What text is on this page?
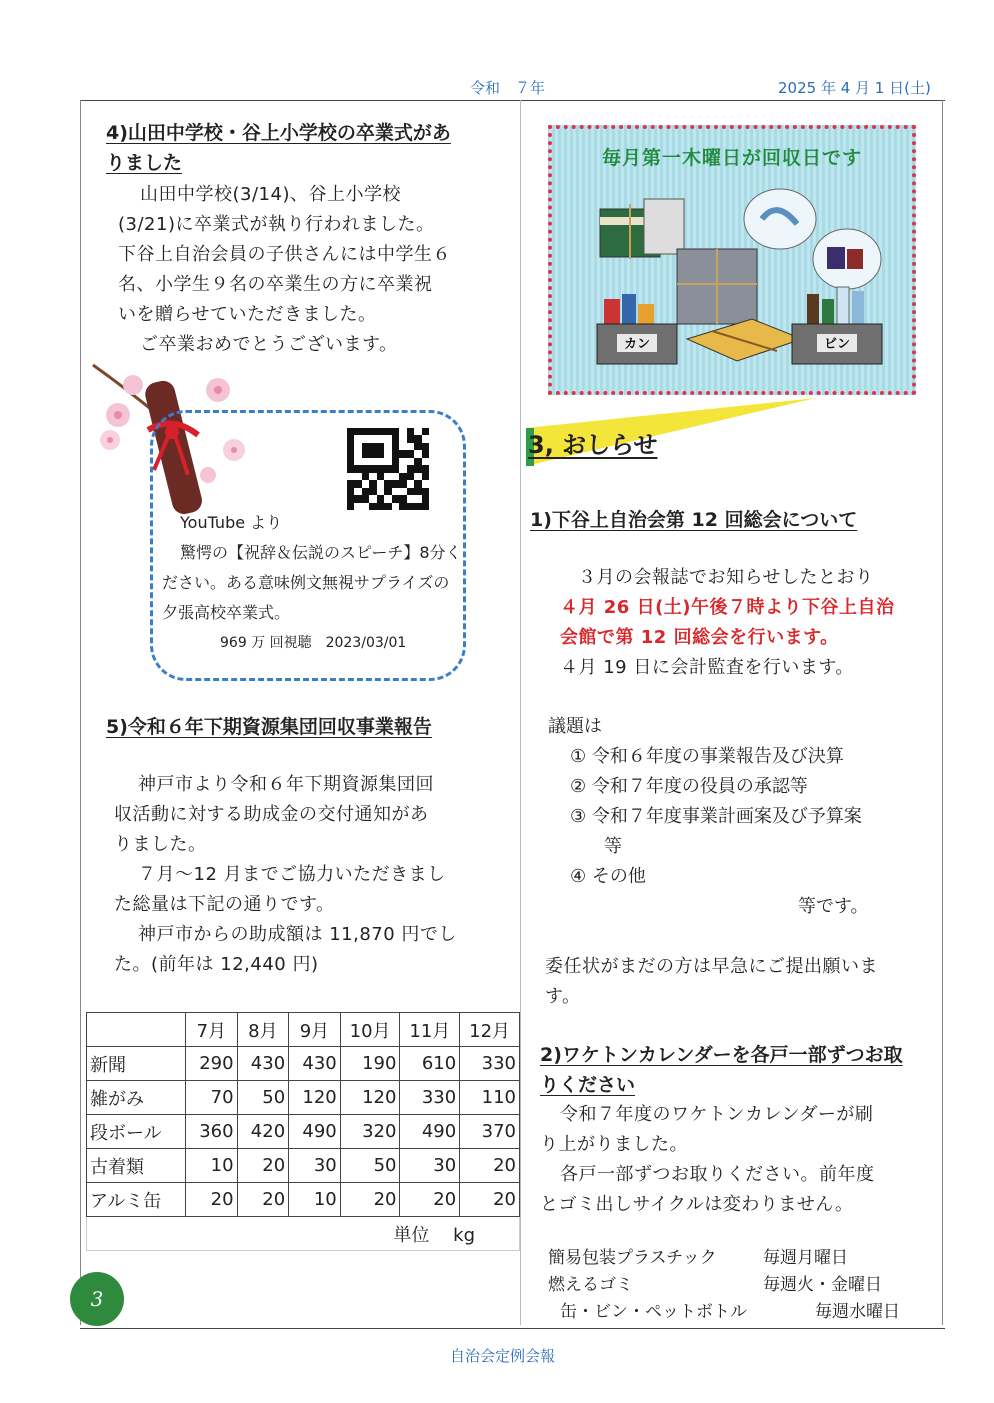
令和　７年	2025 年 4 月 1 日(土)
4)山田中学校・谷上小学校の卒業式があ
りました
山田中学校(3/14)、谷上小学校
(3/21)に卒業式が執り行われました。
下谷上自治会員の子供さんには中学生６
名、小学生９名の卒業生の方に卒業祝
いを贈らせていただきました。
ご卒業おめでとうございます。
YouTube より
驚愕の【祝辞＆伝説のスピーチ】8分く
ださい。ある意味例文無視サプライズの
夕張高校卒業式。
969 万 回視聴　2023/03/01
毎月第一木曜日が回収日です
カン	ビン
3, おしらせ
1)下谷上自治会第 12 回総会について
３月の会報誌でお知らせしたとおり
４月 26 日(土)午後７時より下谷上自治
会館で第 12 回総会を行います。
４月 19 日に会計監査を行います。
議題は
① 令和６年度の事業報告及び決算
② 令和７年度の役員の承認等
③ 令和７年度事業計画案及び予算案
等
④ その他
等です。
委任状がまだの方は早急にご提出願いま
す。
2)ワケトンカレンダーを各戸一部ずつお取
りください
令和７年度のワケトンカレンダーが刷
り上がりました。
各戸一部ずつお取りください。前年度
とゴミ出しサイクルは変わりません。
簡易包装プラスチック	毎週月曜日
燃えるゴミ	毎週火・金曜日
缶・ビン・ペットボトル	毎週水曜日
5)令和６年下期資源集団回収事業報告
神戸市より令和６年下期資源集団回
収活動に対する助成金の交付通知があ
りました。
７月～12 月までご協力いただきまし
た総量は下記の通りです。
神戸市からの助成額は 11,870 円でし
た。(前年は 12,440 円)
	7月	8月	9月	10月	11月	12月
新聞	290	430	430	190	610	330
雑がみ	70	50	120	120	330	110
段ボール	360	420	490	320	490	370
古着類	10	20	30	50	30	20
アルミ缶	20	20	10	20	20	20
単位　 kg						
3
自治会定例会報
